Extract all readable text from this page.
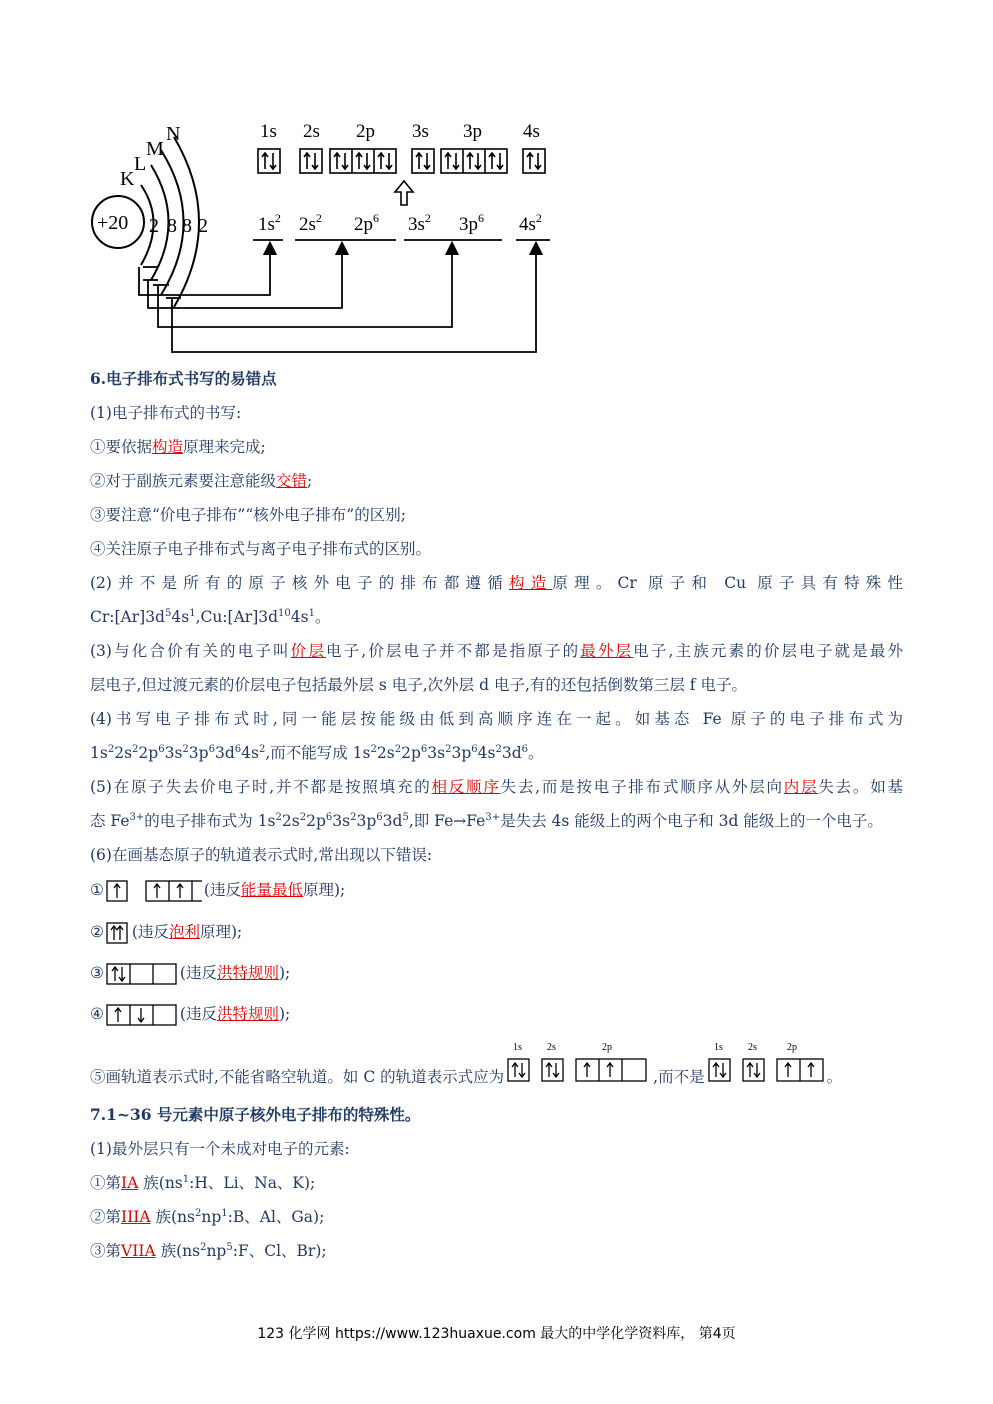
K
L
M
N
+20 2 8 8 2
1s 2s 2p 3s 3p 4s
$1s^2$ $2s^2$ $2p^6$ $3s^2$ $3p^6$ $4s^2$
6.电子排布式书写的易错点
(1)电子排布式的书写:
①要依据构造原理来完成;
②对于副族元素要注意能级交错;
③要注意“价电子排布”“核外电子排布”的区别;
④关注原子电子排布式与离子电子排布式的区别。
(2)并不是所有的原子核外电子的排布都遵循构造原理。Cr 原子和 Cu 原子具有特殊性
$Cr:[Ar]3d^54s^1,Cu:[Ar]3d^{10}4s^1$。
(3)与化合价有关的电子叫价层电子,价层电子并不都是指原子的最外层电子,主族元素的价层电子就是最外
层电子,但过渡元素的价层电子包括最外层 s 电子,次外层 d 电子,有的还包括倒数第三层 f 电子。
(4)书写电子排布式时,同一能层按能级由低到高顺序连在一起。如基态 Fe 原子的电子排布式为
$1s^22s^22p^63s^23p^63d^64s^2$,而不能写成 $1s^22s^22p^63s^23p^64s^23d^6$。
(5)在原子失去价电子时,并不都是按照填充的相反顺序失去,而是按电子排布式顺序从外层向内层失去。如基
态 $Fe^{3+}$的电子排布式为 $1s^22s^22p^63s^23p^63d^5$,即 $Fe\to Fe^{3+}$是失去 4s 能级上的两个电子和 3d 能级上的一个电子。
(6)在画基态原子的轨道表示式时,常出现以下错误:
①	(违反能量最低原理);
② (违反泡利原理);
③	(违反洪特规则);
④	(违反洪特规则);
⑤画轨道表示式时,不能省略空轨道。如 C 的轨道表示式应为
1s	2s	2p
,而不是
1s	2s	2p
。
7.1~36 号元素中原子核外电子排布的特殊性。
(1)最外层只有一个未成对电子的元素:
①第IA 族($ns^1:H$、Li、Na、K);
②第IIIA 族($ns^2np^1:B$、Al、Ga);
③第VIIA 族($ns^2np^5:F$、Cl、Br);
123 化学网 https://www.123huaxue.com 最大的中学化学资料库， 第4页
